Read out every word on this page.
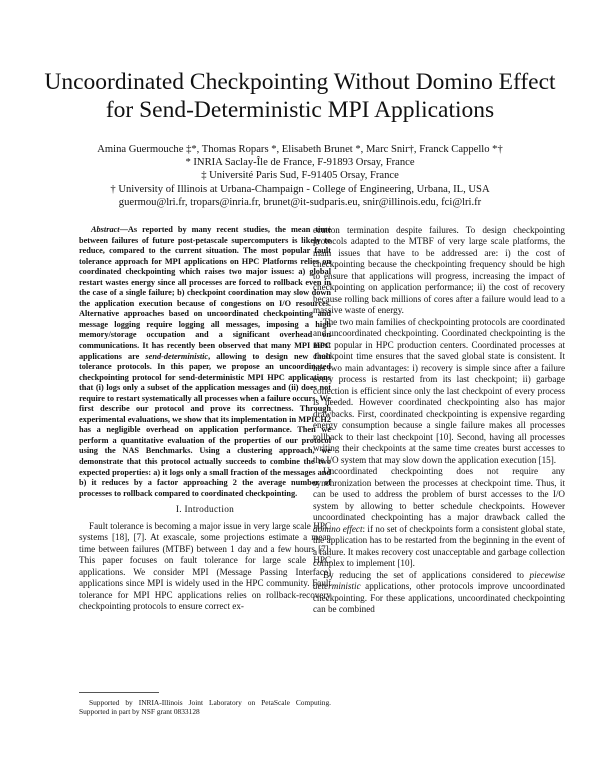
Uncoordinated Checkpointing Without Domino Effect for Send-Deterministic MPI Applications
Amina Guermouche ‡*, Thomas Ropars *, Elisabeth Brunet *, Marc Snir†, Franck Cappello *†
* INRIA Saclay-Île de France, F-91893 Orsay, France
‡ Université Paris Sud, F-91405 Orsay, France
† University of Illinois at Urbana-Champaign - College of Engineering, Urbana, IL, USA
guermou@lri.fr, tropars@inria.fr, brunet@it-sudparis.eu, snir@illinois.edu, fci@lri.fr

Abstract—As reported by many recent studies, the mean time between failures of future post-petascale supercomputers is likely to reduce, compared to the current situation. The most popular fault tolerance approach for MPI applications on HPC Platforms relies on coordinated checkpointing which raises two major issues: a) global restart wastes energy since all processes are forced to rollback even in the case of a single failure; b) checkpoint coordination may slow down the application execution because of congestions on I/O resources. Alternative approaches based on uncoordinated checkpointing and message logging require logging all messages, imposing a high memory/storage occupation and a significant overhead on communications. It has recently been observed that many MPI HPC applications are send-deterministic, allowing to design new fault tolerance protocols. In this paper, we propose an uncoordinated checkpointing protocol for send-deterministic MPI HPC applications that (i) logs only a subset of the application messages and (ii) does not require to restart systematically all processes when a failure occurs. We first describe our protocol and prove its correctness. Through experimental evaluations, we show that its implementation in MPICH2 has a negligible overhead on application performance. Then we perform a quantitative evaluation of the properties of our protocol using the NAS Benchmarks. Using a clustering approach, we demonstrate that this protocol actually succeeds to combine the two expected properties: a) it logs only a small fraction of the messages and b) it reduces by a factor approaching 2 the average number of processes to rollback compared to coordinated checkpointing.

I. Introduction

Fault tolerance is becoming a major issue in very large scale HPC systems [18], [7]. At exascale, some projections estimate a mean time between failures (MTBF) between 1 day and a few hours [7]. This paper focuses on fault tolerance for large scale HPC applications. We consider MPI (Message Passing Interface) applications since MPI is widely used in the HPC community. Fault tolerance for MPI HPC applications relies on rollback-recovery checkpointing protocols to ensure correct ex-

Supported by INRIA-Illinois Joint Laboratory on PetaScale Computing. Supported in part by NSF grant 0833128

ecution termination despite failures. To design checkpointing protocols adapted to the MTBF of very large scale platforms, the main issues that have to be addressed are: i) the cost of checkpointing because the checkpointing frequency should be high to ensure that applications will progress, increasing the impact of checkpointing on application performance; ii) the cost of recovery because rolling back millions of cores after a failure would lead to a massive waste of energy.

The two main families of checkpointing protocols are coordinated and uncoordinated checkpointing. Coordinated checkpointing is the most popular in HPC production centers. Coordinated processes at checkpoint time ensures that the saved global state is consistent. It has two main advantages: i) recovery is simple since after a failure every process is restarted from its last checkpoint; ii) garbage collection is efficient since only the last checkpoint of every process is needed. However coordinated checkpointing also has major drawbacks. First, coordinated checkpointing is expensive regarding energy consumption because a single failure makes all processes rollback to their last checkpoint [10]. Second, having all processes writing their checkpoints at the same time creates burst accesses to the I/O system that may slow down the application execution [15].

Uncoordinated checkpointing does not require any synchronization between the processes at checkpoint time. Thus, it can be used to address the problem of burst accesses to the I/O system by allowing to better schedule checkpoints. However uncoordinated checkpointing has a major drawback called the domino effect: if no set of checkpoints form a consistent global state, the application has to be restarted from the beginning in the event of a failure. It makes recovery cost unacceptable and garbage collection complex to implement [10].

By reducing the set of applications considered to piecewise deterministic applications, other protocols improve uncoordinated checkpointing. For these applications, uncoordinated checkpointing can be combined
